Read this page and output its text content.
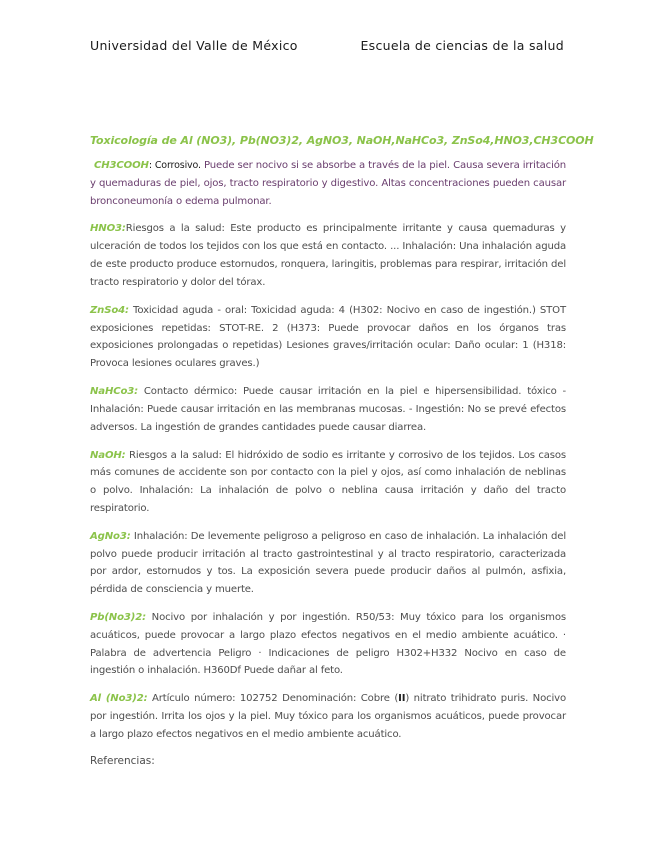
Universidad del Valle de México	Escuela de ciencias de la salud
Toxicología de Al (NO3), Pb(NO3)2, AgNO3, NaOH,NaHCo3, ZnSo4,HNO3,CH3COOH

CH3COOH: Corrosivo. Puede ser nocivo si se absorbe a través de la piel. Causa severa irritación y quemaduras de piel, ojos, tracto respiratorio y digestivo. Altas concentraciones pueden causar bronconeumonía o edema pulmonar.

HNO3:Riesgos a la salud: Este producto es principalmente irritante y causa quemaduras y ulceración de todos los tejidos con los que está en contacto. ... Inhalación: Una inhalación aguda de este producto produce estornudos, ronquera, laringitis, problemas para respirar, irritación del tracto respiratorio y dolor del tórax.

ZnSo4: Toxicidad aguda - oral: Toxicidad aguda: 4 (H302: Nocivo en caso de ingestión.) STOT exposiciones repetidas: STOT-RE. 2 (H373: Puede provocar daños en los órganos tras exposiciones prolongadas o repetidas) Lesiones graves/irritación ocular: Daño ocular: 1 (H318: Provoca lesiones oculares graves.)

NaHCo3: Contacto dérmico: Puede causar irritación en la piel e hipersensibilidad. tóxico - Inhalación: Puede causar irritación en las membranas mucosas. - Ingestión: No se prevé efectos adversos. La ingestión de grandes cantidades puede causar diarrea.

NaOH: Riesgos a la salud: El hidróxido de sodio es irritante y corrosivo de los tejidos. Los casos más comunes de accidente son por contacto con la piel y ojos, así como inhalación de neblinas o polvo. Inhalación: La inhalación de polvo o neblina causa irritación y daño del tracto respiratorio.

AgNo3: Inhalación: De levemente peligroso a peligroso en caso de inhalación. La inhalación del polvo puede producir irritación al tracto gastrointestinal y al tracto respiratorio, caracterizada por ardor, estornudos y tos. La exposición severa puede producir daños al pulmón, asfixia, pérdida de consciencia y muerte.

Pb(No3)2: Nocivo por inhalación y por ingestión. R50/53: Muy tóxico para los organismos acuáticos, puede provocar a largo plazo efectos negativos en el medio ambiente acuático. · Palabra de advertencia Peligro · Indicaciones de peligro H302+H332 Nocivo en caso de ingestión o inhalación. H360Df Puede dañar al feto.

Al (No3)2: Artículo número: 102752 Denominación: Cobre (II) nitrato trihidrato puris. Nocivo por ingestión. Irrita los ojos y la piel. Muy tóxico para los organismos acuáticos, puede provocar a largo plazo efectos negativos en el medio ambiente acuático.

Referencias:
